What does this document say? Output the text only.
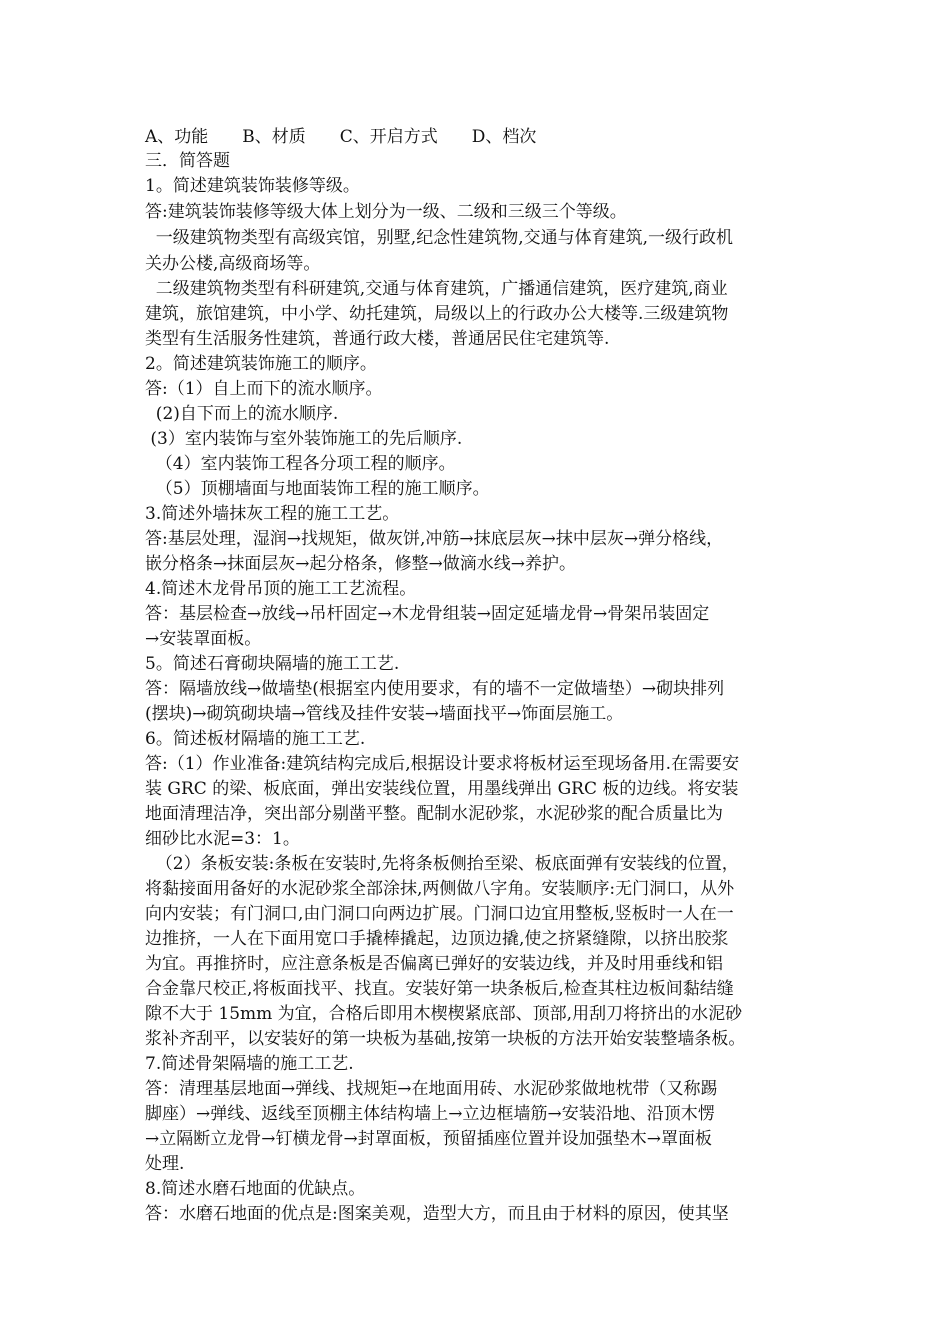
A、功能　　B、材质　　C、开启方式　　D、档次
三．简答题
1。简述建筑装饰装修等级。
答:建筑装饰装修等级大体上划分为一级、二级和三级三个等级。
一级建筑物类型有高级宾馆，别墅,纪念性建筑物,交通与体育建筑,一级行政机
关办公楼,高级商场等。
二级建筑物类型有科研建筑,交通与体育建筑，广播通信建筑，医疗建筑,商业
建筑，旅馆建筑，中小学、幼托建筑，局级以上的行政办公大楼等.三级建筑物
类型有生活服务性建筑，普通行政大楼，普通居民住宅建筑等.
2。简述建筑装饰施工的顺序。
答:（1）自上而下的流水顺序。
(2)自下而上的流水顺序.
(3）室内装饰与室外装饰施工的先后顺序.
（4）室内装饰工程各分项工程的顺序。
（5）顶棚墙面与地面装饰工程的施工顺序。
3.简述外墙抹灰工程的施工工艺。
答:基层处理，湿润→找规矩，做灰饼,冲筋→抹底层灰→抹中层灰→弹分格线，
嵌分格条→抹面层灰→起分格条，修整→做滴水线→养护。
4.简述木龙骨吊顶的施工工艺流程。
答：基层检查→放线→吊杆固定→木龙骨组装→固定延墙龙骨→骨架吊装固定
→安装罩面板。
5。简述石膏砌块隔墙的施工工艺.
答：隔墙放线→做墙垫(根据室内使用要求，有的墙不一定做墙垫）→砌块排列
(摆块)→砌筑砌块墙→管线及挂件安装→墙面找平→饰面层施工。
6。简述板材隔墙的施工工艺.
答:（1）作业准备:建筑结构完成后,根据设计要求将板材运至现场备用.在需要安
装 GRC 的梁、板底面，弹出安装线位置，用墨线弹出 GRC 板的边线。将安装
地面清理洁净，突出部分剔凿平整。配制水泥砂浆，水泥砂浆的配合质量比为
细砂比水泥=3：1。
（2）条板安装:条板在安装时,先将条板侧抬至梁、板底面弹有安装线的位置，
将黏接面用备好的水泥砂浆全部涂抹,两侧做八字角。安装顺序:无门洞口，从外
向内安装；有门洞口,由门洞口向两边扩展。门洞口边宜用整板,竖板时一人在一
边推挤，一人在下面用宽口手撬棒撬起，边顶边撬,使之挤紧缝隙，以挤出胶浆
为宜。再推挤时，应注意条板是否偏离已弹好的安装边线，并及时用垂线和铝
合金靠尺校正,将板面找平、找直。安装好第一块条板后,检查其柱边板间黏结缝
隙不大于 15mm 为宜，合格后即用木楔楔紧底部、顶部,用刮刀将挤出的水泥砂
浆补齐刮平，以安装好的第一块板为基础,按第一块板的方法开始安装整墙条板。
7.简述骨架隔墙的施工工艺.
答：清理基层地面→弹线、找规矩→在地面用砖、水泥砂浆做地枕带（又称踢
脚座）→弹线、返线至顶棚主体结构墙上→立边框墙筋→安装沿地、沿顶木愣
→立隔断立龙骨→钉横龙骨→封罩面板，预留插座位置并设加强垫木→罩面板
处理.
8.简述水磨石地面的优缺点。
答：水磨石地面的优点是:图案美观，造型大方，而且由于材料的原因，使其坚
